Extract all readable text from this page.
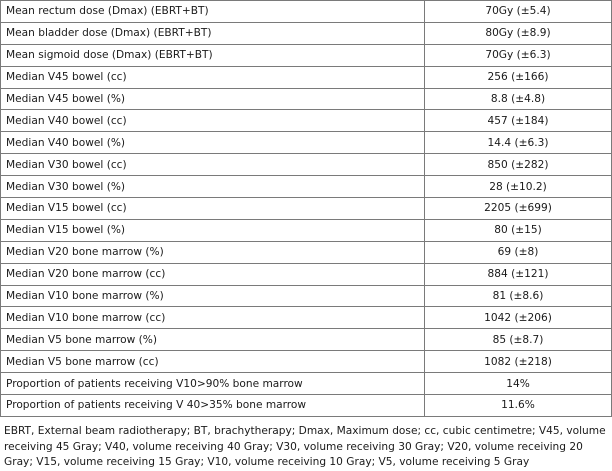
Mean rectum dose (Dmax) (EBRT+BT)	70Gy (±5.4)
Mean bladder dose (Dmax) (EBRT+BT)	80Gy (±8.9)
Mean sigmoid dose (Dmax) (EBRT+BT)	70Gy (±6.3)
Median V45 bowel (cc)	256 (±166)
Median V45 bowel (%)	8.8 (±4.8)
Median V40 bowel (cc)	457 (±184)
Median V40 bowel (%)	14.4 (±6.3)
Median V30 bowel (cc)	850 (±282)
Median V30 bowel (%)	28 (±10.2)
Median V15 bowel (cc)	2205 (±699)
Median V15 bowel (%)	80 (±15)
Median V20 bone marrow (%)	69 (±8)
Median V20 bone marrow (cc)	884 (±121)
Median V10 bone marrow (%)	81 (±8.6)
Median V10 bone marrow (cc)	1042 (±206)
Median V5 bone marrow (%)	85 (±8.7)
Median V5 bone marrow (cc)	1082 (±218)
Proportion of patients receiving V10>90% bone marrow	14%
Proportion of patients receiving V 40>35% bone marrow	11.6%
EBRT, External beam radiotherapy; BT, brachytherapy; Dmax, Maximum dose; cc, cubic centimetre; V45, volume
receiving 45 Gray; V40, volume receiving 40 Gray; V30, volume receiving 30 Gray; V20, volume receiving 20
Gray; V15, volume receiving 15 Gray; V10, volume receiving 10 Gray; V5, volume receiving 5 Gray
